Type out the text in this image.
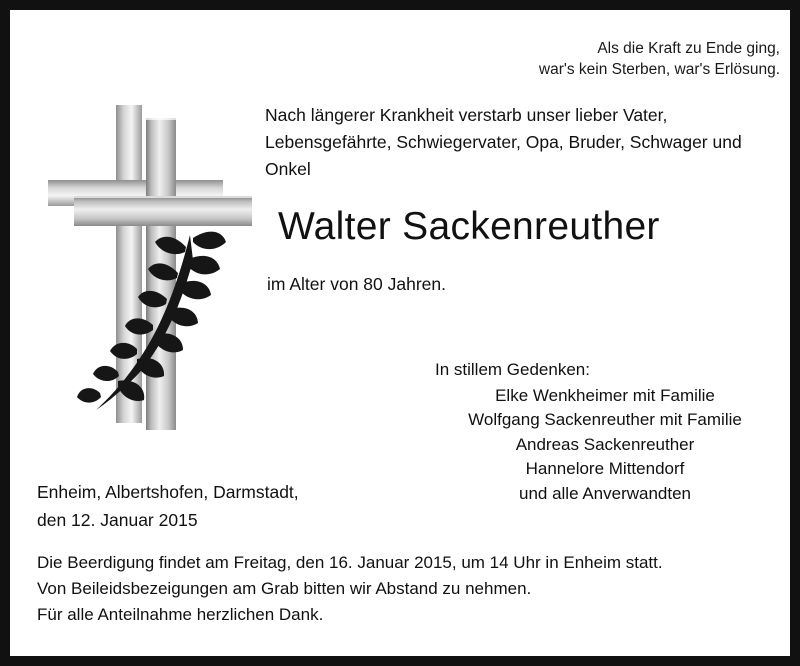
Als die Kraft zu Ende ging,
war's kein Sterben, war's Erlösung.
Nach längerer Krankheit verstarb unser lieber Vater, Lebensgefährte, Schwiegervater, Opa, Bruder, Schwager und Onkel
Walter Sackenreuther
im Alter von 80 Jahren.
In stillem Gedenken:
Elke Wenkheimer mit Familie
Wolfgang Sackenreuther mit Familie
Andreas Sackenreuther
Hannelore Mittendorf
und alle Anverwandten
Enheim, Albertshofen, Darmstadt,
den 12. Januar 2015
Die Beerdigung findet am Freitag, den 16. Januar 2015, um 14 Uhr in Enheim statt.
Von Beileidsbezeigungen am Grab bitten wir Abstand zu nehmen.
Für alle Anteilnahme herzlichen Dank.
